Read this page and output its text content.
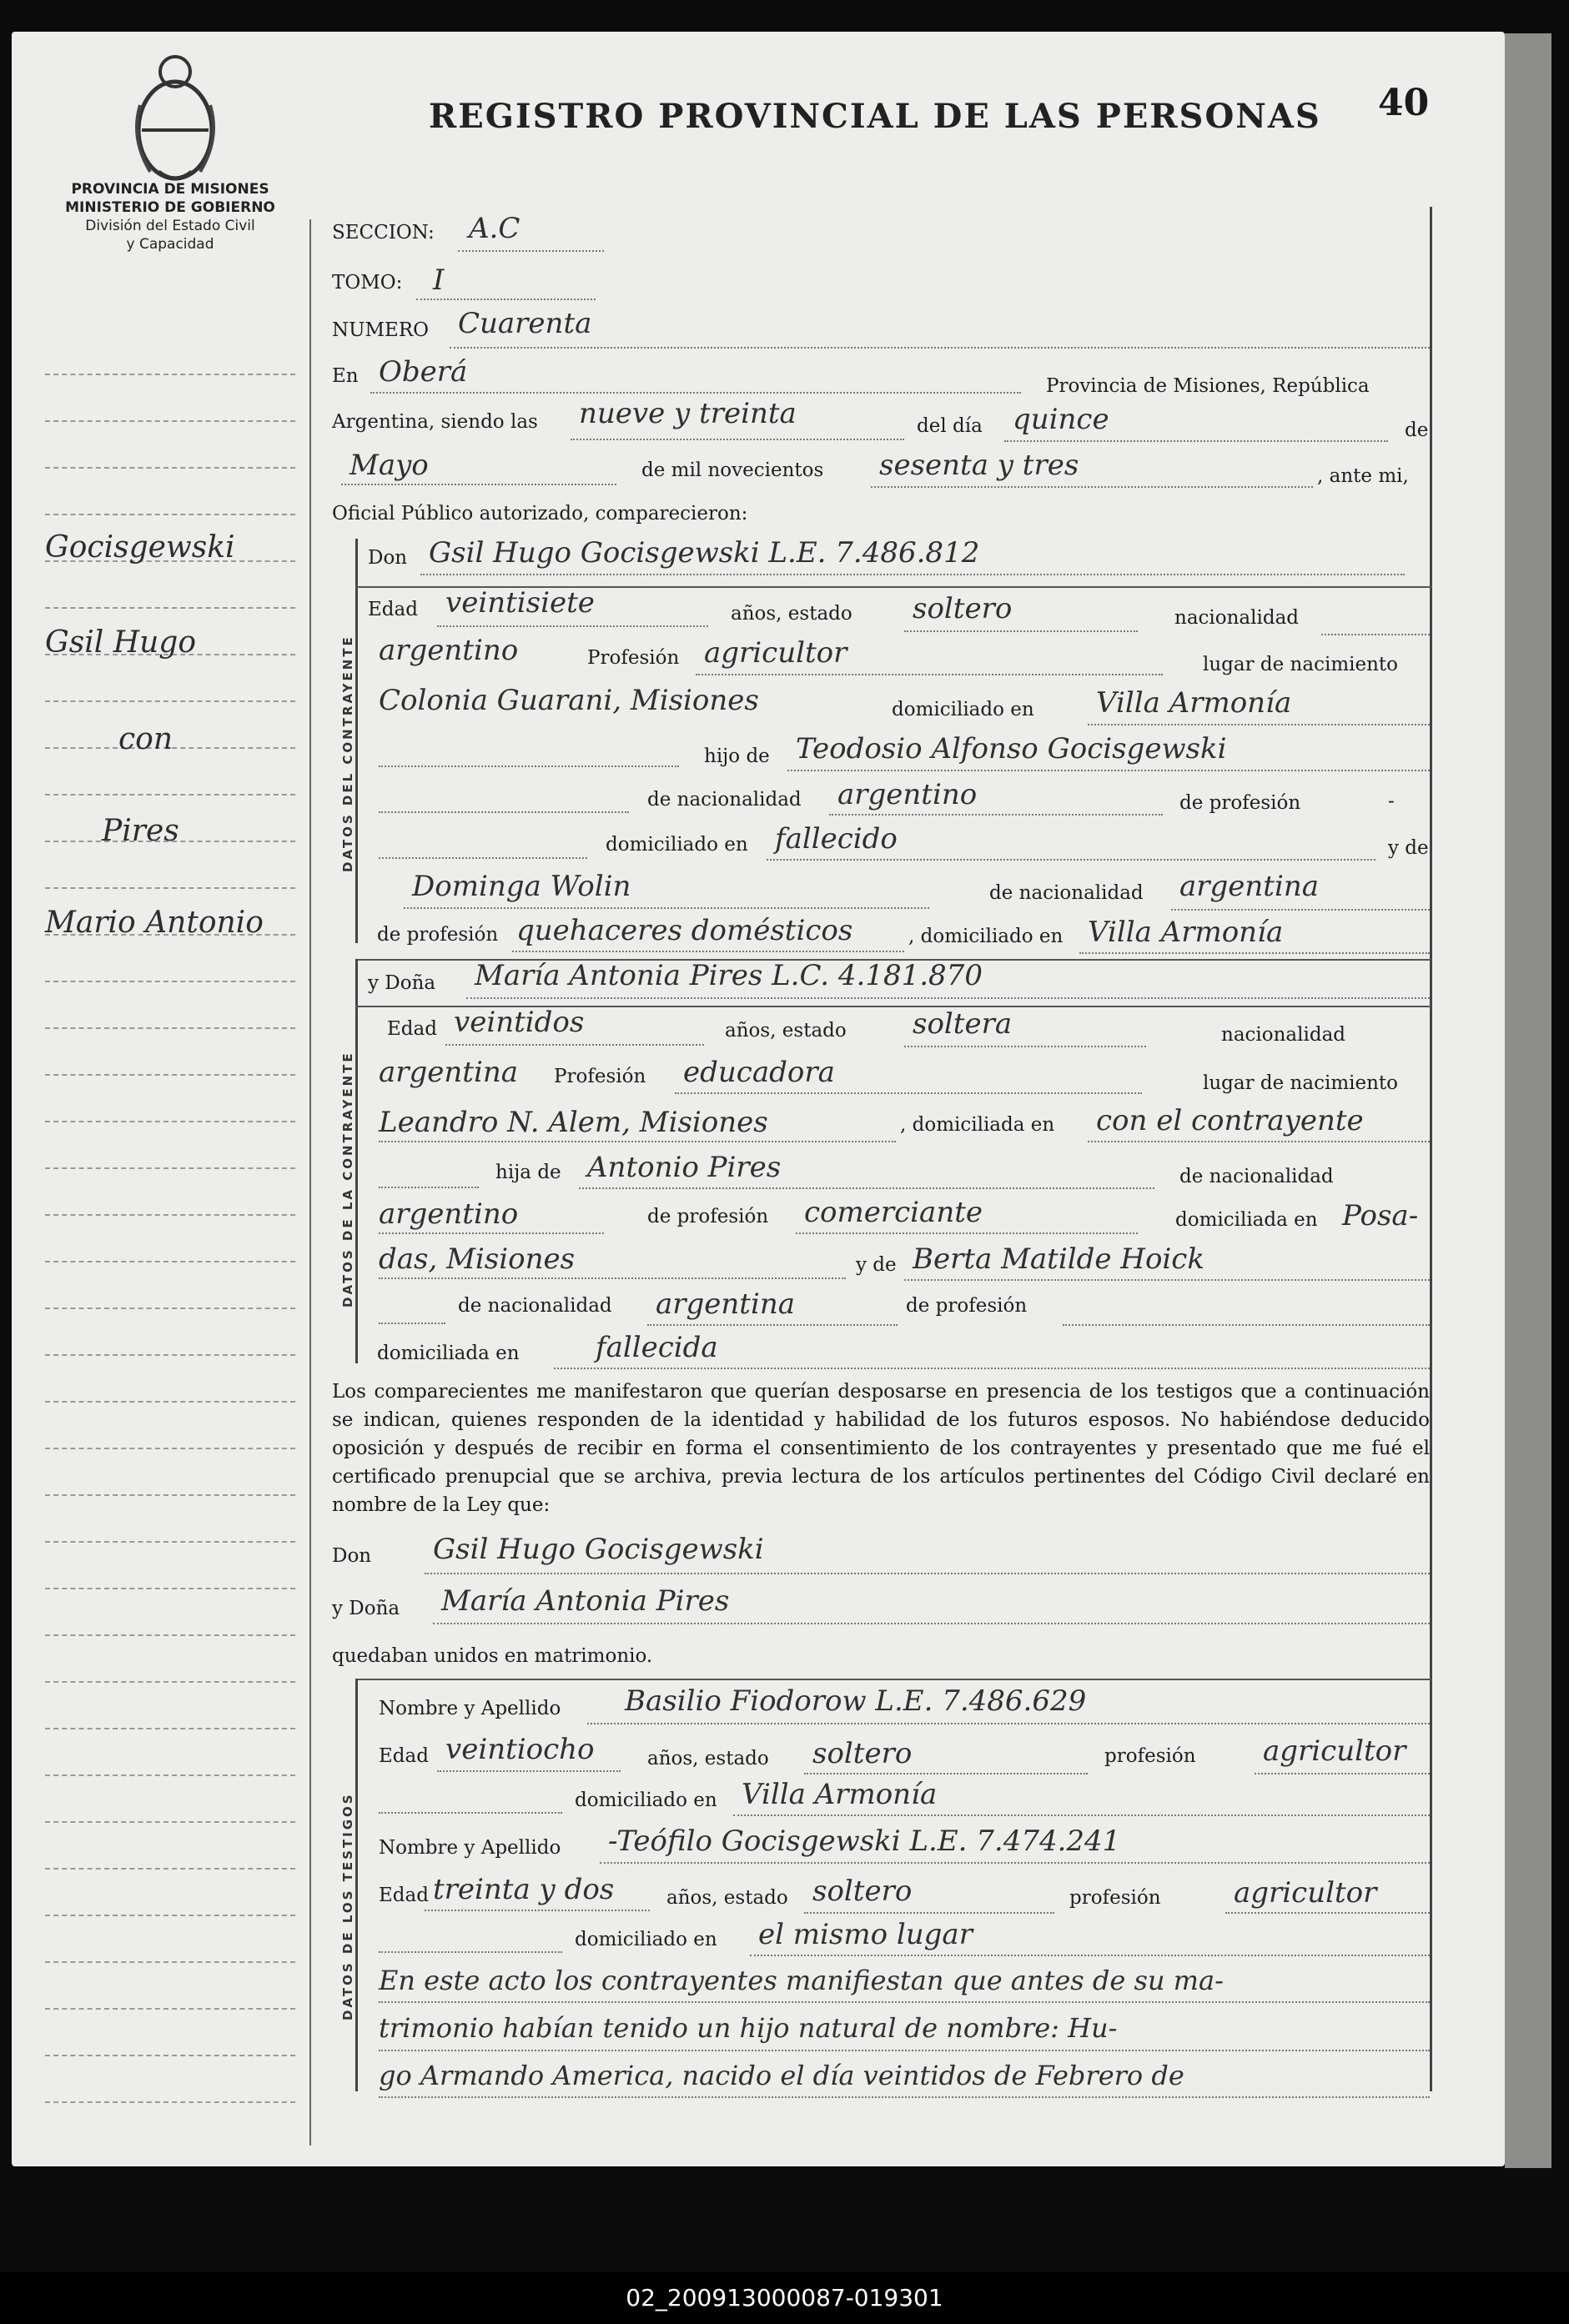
REGISTRO PROVINCIAL DE LAS PERSONAS 40
PROVINCIA DE MISIONES
MINISTERIO DE GOBIERNO
División del Estado Civil
y Capacidad
Gocisgewski
Gsil Hugo
con
Pires
Mario Antonio
SECCION: A.C
TOMO: I
NUMERO Cuarenta
En Oberá	Provincia de Misiones, República
Argentina, siendo las nueve y treinta	del día quince	de
Mayo	de mil novecientos sesenta y tres	, ante mi,
Oficial Público autorizado, comparecieron:
DATOS DEL CONTRAYENTE
Don Gsil Hugo Gocisgewski L.E. 7.486.812
Edad veintisiete	años, estado soltero	nacionalidad
argentino	Profesión agricultor	lugar de nacimiento
Colonia Guarani, Misiones	domiciliado en Villa Armonía
hijo de Teodosio Alfonso Gocisgewski
de nacionalidad argentino	de profesión	-
domiciliado en fallecido	y de
Dominga Wolin	de nacionalidad argentina
de profesión quehaceres domésticos	, domiciliado en Villa Armonía
DATOS DE LA CONTRAYENTE
y Doña María Antonia Pires L.C. 4.181.870
Edad veintidos	años, estado soltera	nacionalidad
argentina Profesión educadora	lugar de nacimiento
Leandro N. Alem, Misiones	, domiciliada en con el contrayente
hija de Antonio Pires	de nacionalidad
argentino	de profesión comerciante	domiciliada en Posa-
das, Misiones	y de Berta Matilde Hoick
de nacionalidad argentina	de profesión
domiciliada en	fallecida
Los comparecientes me manifestaron que querían desposarse en presencia de los testigos que a continuación se indican, quienes responden de la identidad y habilidad de los futuros esposos. No habiéndose deducido oposición y después de recibir en forma el consentimiento de los contrayentes y presentado que me fué el certificado prenupcial que se archiva, previa lectura de los artículos pertinentes del Código Civil declaré en nombre de la Ley que:
Don Gsil Hugo Gocisgewski
y Doña María Antonia Pires
quedaban unidos en matrimonio.
DATOS DE LOS TESTIGOS
Nombre y Apellido Basilio Fiodorow L.E. 7.486.629
Edad veintiocho	años, estado soltero	profesión agricultor
domiciliado en Villa Armonía
Nombre y Apellido -Teófilo Gocisgewski L.E. 7.474.241
Edad treinta y dos	años, estado soltero	profesión	agricultor
domiciliado en el mismo lugar
En este acto los contrayentes manifiestan que antes de su ma-
trimonio habían tenido un hijo natural de nombre: Hu-
go Armando America, nacido el día veintidos de Febrero de
02_200913000087-019301
